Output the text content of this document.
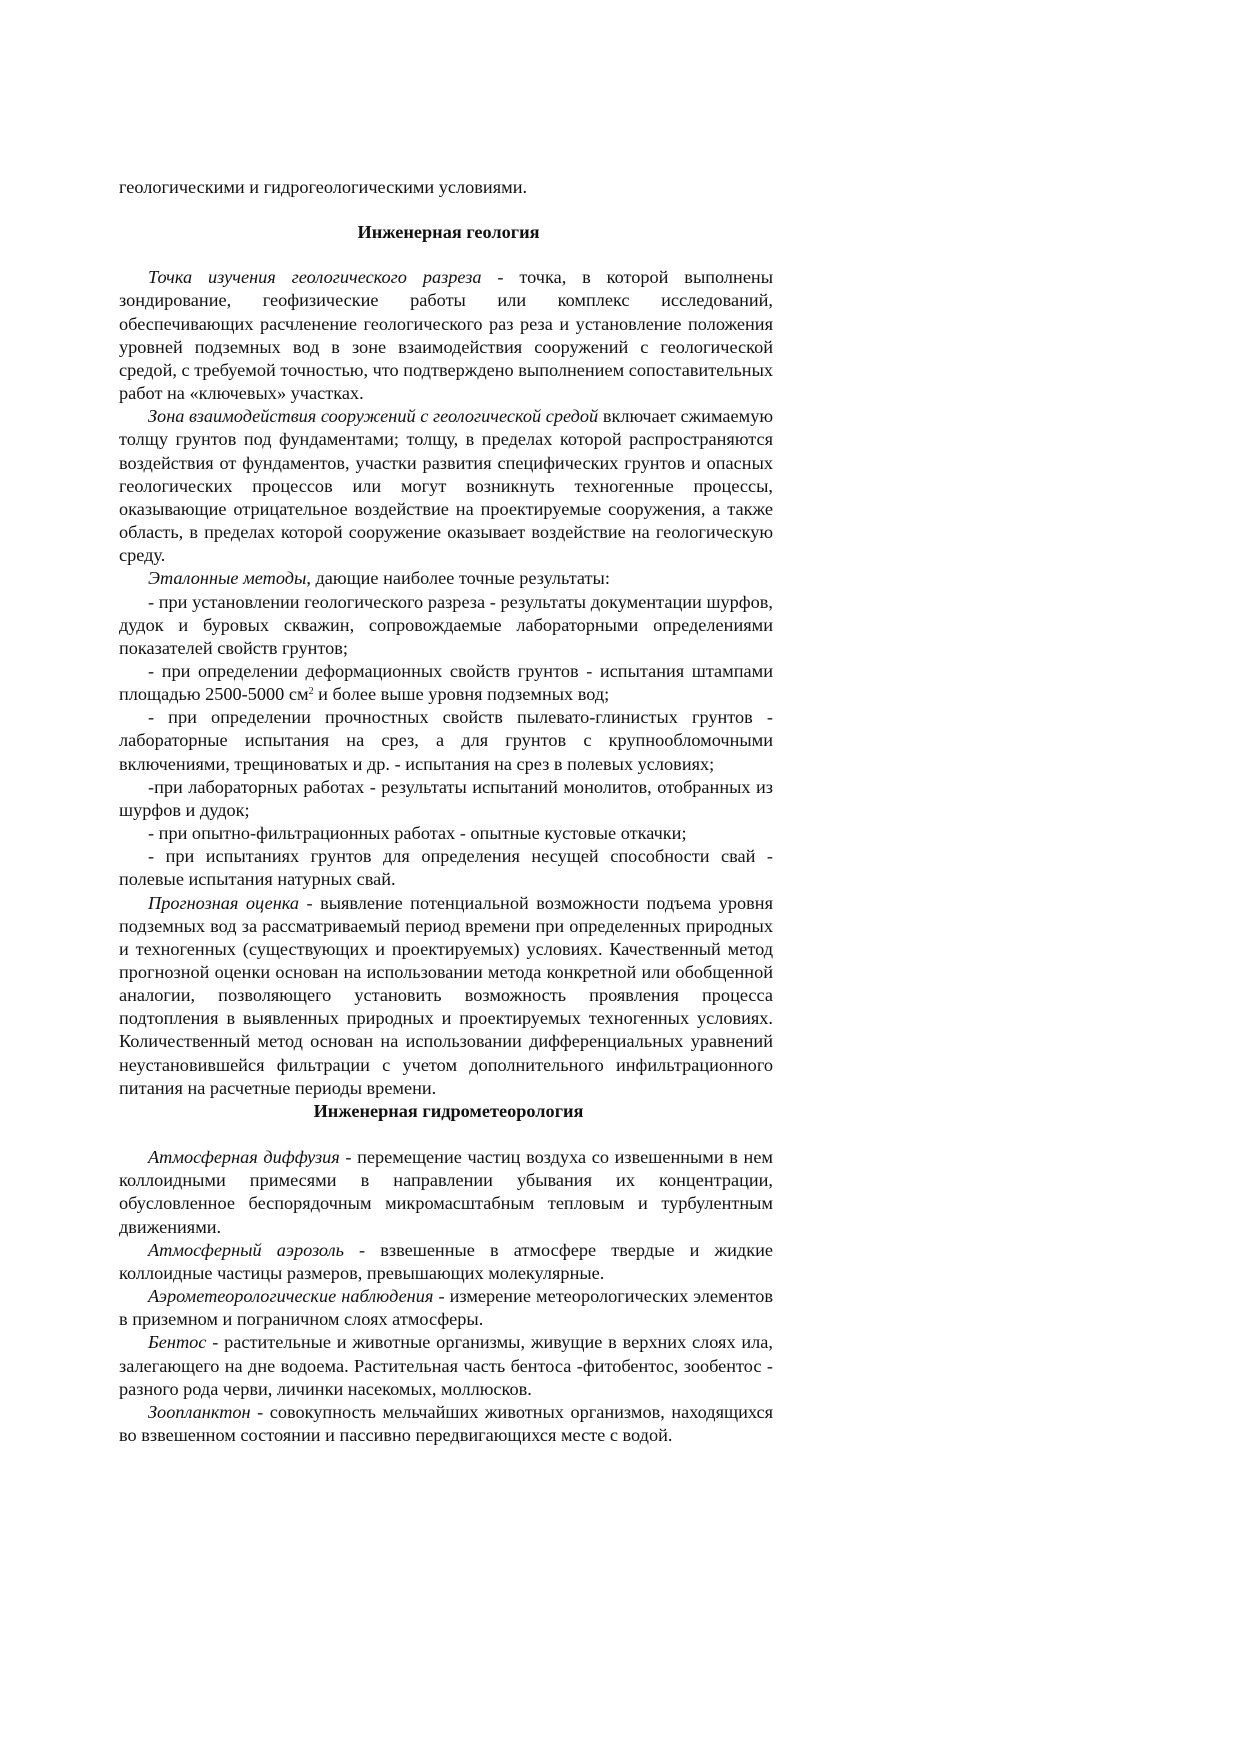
геологическими и гидрогеологическими условиями.

Инженерная геология

Точка изучения геологического разреза - точка, в которой выполнены зондирование, геофизические работы или комплекс исследований, обеспечивающих расчленение геологического раз реза и установление положения уровней подземных вод в зоне взаимодействия сооружений с геологической средой, с требуемой точностью, что подтверждено выполнением сопоставительных работ на «ключевых» участках.

Зона взаимодействия сооружений с геологической средой включает сжимаемую толщу грунтов под фундаментами; толщу, в пределах которой распространяются воздействия от фундаментов, участки развития специфических грунтов и опасных геологических процессов или могут возникнуть техногенные процессы, оказывающие отрицательное воздействие на проектируемые сооружения, а также область, в пределах которой сооружение оказывает воздействие на геологическую среду.

Эталонные методы, дающие наиболее точные результаты:

- при установлении геологического разреза - результаты документации шурфов, дудок и буровых скважин, сопровождаемые лабораторными определениями показателей свойств грунтов;

- при определении деформационных свойств грунтов - испытания штампами площадью 2500-5000 $см^2$ и более выше уровня подземных вод;

- при определении прочностных свойств пылевато-глинистых грунтов - лабораторные испытания на срез, а для грунтов с крупнообломочными включениями, трещиноватых и др. - испытания на срез в полевых условиях;

-при лабораторных работах - результаты испытаний монолитов, отобранных из шурфов и дудок;

- при опытно-фильтрационных работах - опытные кустовые откачки;

- при испытаниях грунтов для определения несущей способности свай - полевые испытания натурных свай.

Прогнозная оценка - выявление потенциальной возможности подъема уровня подземных вод за рассматриваемый период времени при определенных природных и техногенных (существующих и проектируемых) условиях. Качественный метод прогнозной оценки основан на использовании метода конкретной или обобщенной аналогии, позволяющего установить возможность проявления процесса подтопления в выявленных природных и проектируемых техногенных условиях. Количественный метод основан на использовании дифференциальных уравнений неустановившейся фильтрации с учетом дополнительного инфильтрационного питания на расчетные периоды времени.

Инженерная гидрометеорология

Атмосферная диффузия - перемещение частиц воздуха со извешенными в нем коллоидными примесями в направлении убывания их концентрации, обусловленное беспорядочным микромасштабным тепловым и турбулентным движениями.

Атмосферный аэрозоль - взвешенные в атмосфере твердые и жидкие коллоидные частицы размеров, превышающих молекулярные.

Аэрометеорологические наблюдения - измерение метеорологических элементов в приземном и пограничном слоях атмосферы.

Бентос - растительные и животные организмы, живущие в верхних слоях ила, залегающего на дне водоема. Растительная часть бентоса -фитобентос, зообентос - разного рода черви, личинки насекомых, моллюсков.

Зоопланктон - совокупность мельчайших животных организмов, находящихся во взвешенном состоянии и пассивно передвигающихся месте с водой.
